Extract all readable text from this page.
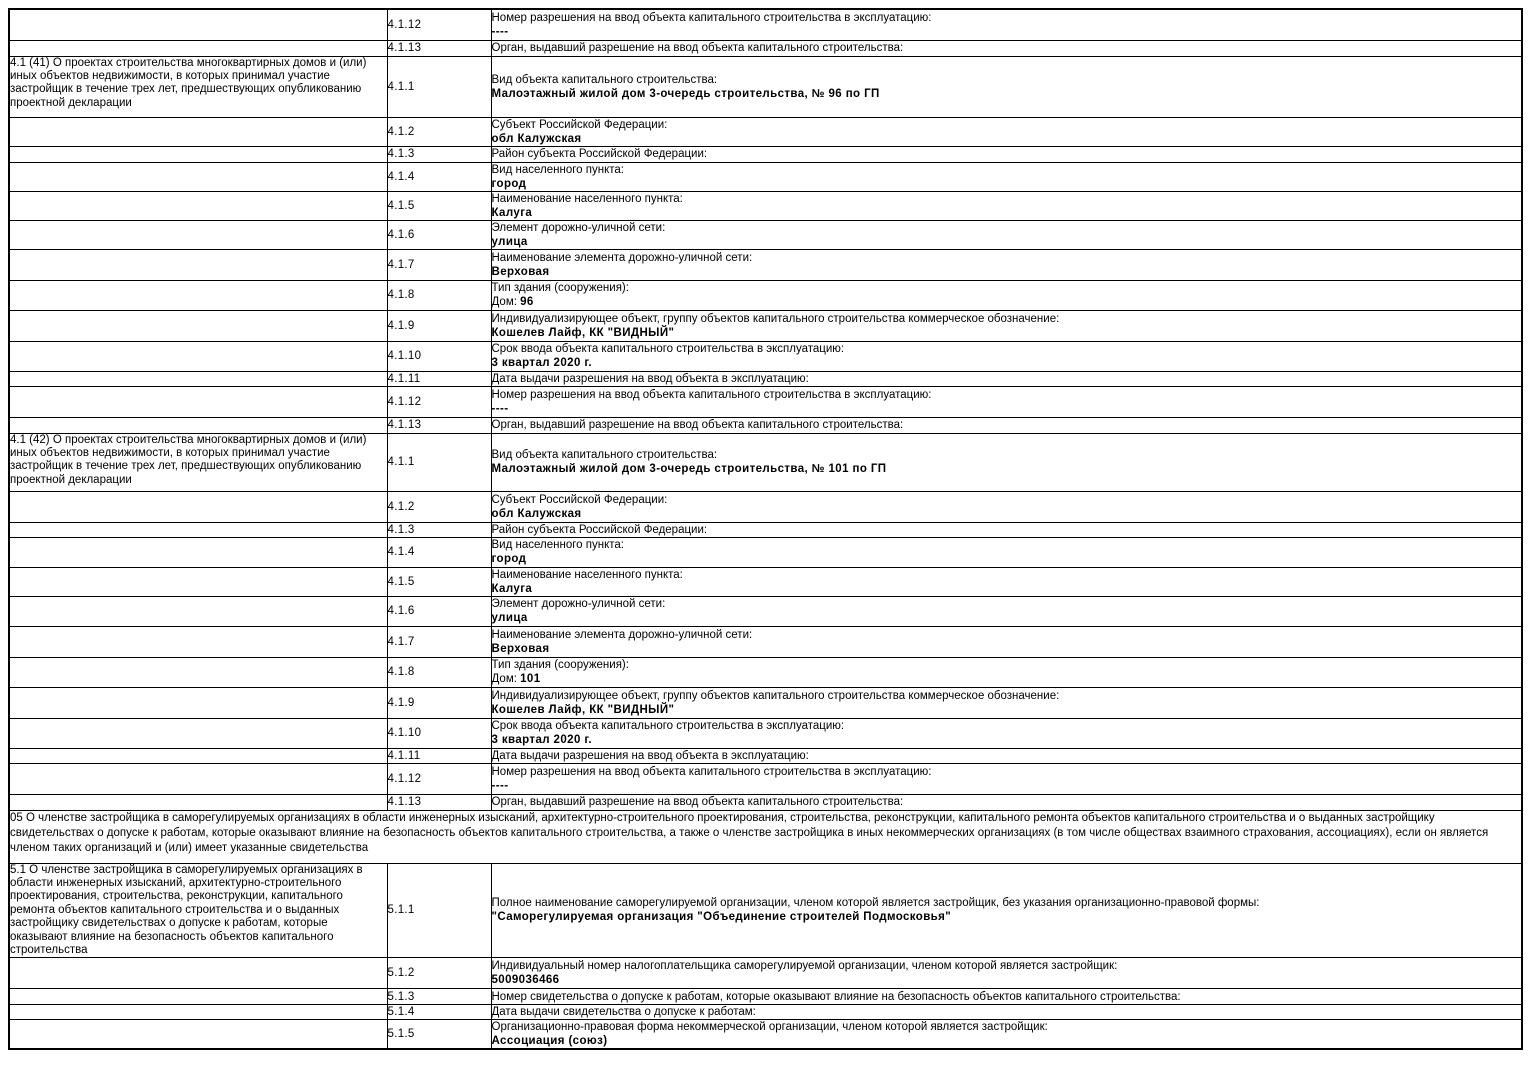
	4.1.12	Номер разрешения на ввод объекта капитального строительства в эксплуатацию:
----

	4.1.13	Орган, выдавший разрешение на ввод объекта капитального строительства:

4.1 (41) О проектах строительства многоквартирных домов и (или) иных объектов недвижимости, в которых принимал участие застройщик в течение трех лет, предшествующих опубликованию проектной декларации	4.1.1	Вид объекта капитального строительства:
Малоэтажный жилой дом 3-очередь строительства, № 96 по ГП

	4.1.2	Субъект Российской Федерации:
обл Калужская

	4.1.3	Район субъекта Российской Федерации:

	4.1.4	Вид населенного пункта:
город

	4.1.5	Наименование населенного пункта:
Калуга

	4.1.6	Элемент дорожно-уличной сети:
улица

	4.1.7	Наименование элемента дорожно-уличной сети:
Верховая

	4.1.8	Тип здания (сооружения):
Дом: 96

	4.1.9	Индивидуализирующее объект, группу объектов капитального строительства коммерческое обозначение:
Кошелев Лайф, КК "ВИДНЫЙ"

	4.1.10	Срок ввода объекта капитального строительства в эксплуатацию:
3 квартал 2020 г.

	4.1.11	Дата выдачи разрешения на ввод объекта в эксплуатацию:

	4.1.12	Номер разрешения на ввод объекта капитального строительства в эксплуатацию:
----

	4.1.13	Орган, выдавший разрешение на ввод объекта капитального строительства:

4.1 (42) О проектах строительства многоквартирных домов и (или) иных объектов недвижимости, в которых принимал участие застройщик в течение трех лет, предшествующих опубликованию проектной декларации	4.1.1	Вид объекта капитального строительства:
Малоэтажный жилой дом 3-очередь строительства, № 101 по ГП

	4.1.2	Субъект Российской Федерации:
обл Калужская

	4.1.3	Район субъекта Российской Федерации:

	4.1.4	Вид населенного пункта:
город

	4.1.5	Наименование населенного пункта:
Калуга

	4.1.6	Элемент дорожно-уличной сети:
улица

	4.1.7	Наименование элемента дорожно-уличной сети:
Верховая

	4.1.8	Тип здания (сооружения):
Дом: 101

	4.1.9	Индивидуализирующее объект, группу объектов капитального строительства коммерческое обозначение:
Кошелев Лайф, КК "ВИДНЫЙ"

	4.1.10	Срок ввода объекта капитального строительства в эксплуатацию:
3 квартал 2020 г.

	4.1.11	Дата выдачи разрешения на ввод объекта в эксплуатацию:

	4.1.12	Номер разрешения на ввод объекта капитального строительства в эксплуатацию:
----

	4.1.13	Орган, выдавший разрешение на ввод объекта капитального строительства:

05 О членстве застройщика в саморегулируемых организациях в области инженерных изысканий, архитектурно-строительного проектирования, строительства, реконструкции, капитального ремонта объектов капитального строительства и о выданных застройщику свидетельствах о допуске к работам, которые оказывают влияние на безопасность объектов капитального строительства, а также о членстве застройщика в иных некоммерческих организациях (в том числе обществах взаимного страхования, ассоциациях), если он является членом таких организаций и (или) имеет указанные свидетельства		
5.1 О членстве застройщика в саморегулируемых организациях в области инженерных изысканий, архитектурно-строительного проектирования, строительства, реконструкции, капитального ремонта объектов капитального строительства и о выданных застройщику свидетельствах о допуске к работам, которые оказывают влияние на безопасность объектов капитального строительства	5.1.1	Полное наименование саморегулируемой организации, членом которой является застройщик, без указания организационно-правовой формы:
"Саморегулируемая организация "Объединение строителей Подмосковья"

	5.1.2	Индивидуальный номер налогоплательщика саморегулируемой организации, членом которой является застройщик:
5009036466

	5.1.3	Номер свидетельства о допуске к работам, которые оказывают влияние на безопасность объектов капитального строительства:

	5.1.4	Дата выдачи свидетельства о допуске к работам:

	5.1.5	Организационно-правовая форма некоммерческой организации, членом которой является застройщик:
Ассоциация (союз)
